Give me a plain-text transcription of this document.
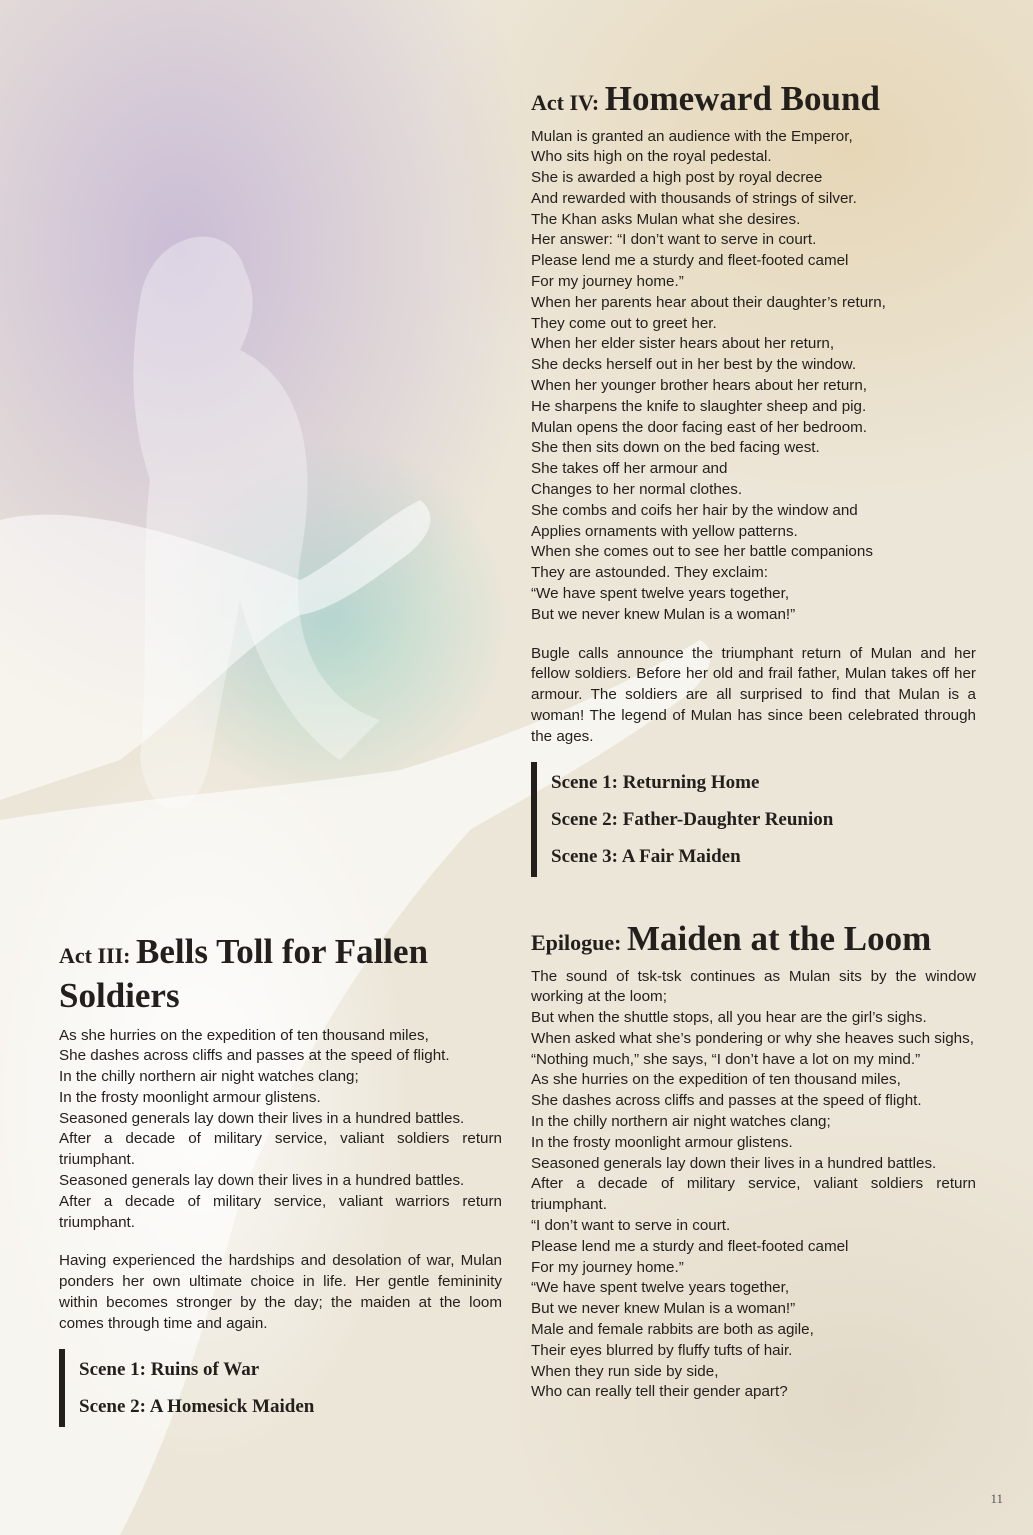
Act IV: Homeward Bound
Mulan is granted an audience with the Emperor,
Who sits high on the royal pedestal.
She is awarded a high post by royal decree
And rewarded with thousands of strings of silver.
The Khan asks Mulan what she desires.
Her answer: “I don’t want to serve in court.
Please lend me a sturdy and fleet-footed camel
For my journey home.”
When her parents hear about their daughter’s return,
They come out to greet her.
When her elder sister hears about her return,
She decks herself out in her best by the window.
When her younger brother hears about her return,
He sharpens the knife to slaughter sheep and pig.
Mulan opens the door facing east of her bedroom.
She then sits down on the bed facing west.
She takes off her armour and
Changes to her normal clothes.
She combs and coifs her hair by the window and
Applies ornaments with yellow patterns.
When she comes out to see her battle companions
They are astounded. They exclaim:
“We have spent twelve years together,
But we never knew Mulan is a woman!”

Bugle calls announce the triumphant return of Mulan and her fellow soldiers. Before her old and frail father, Mulan takes off her armour. The soldiers are all surprised to find that Mulan is a woman! The legend of Mulan has since been celebrated through the ages.

Scene 1: Returning Home
Scene 2: Father-Daughter Reunion
Scene 3: A Fair Maiden
Act III: Bells Toll for Fallen Soldiers
As she hurries on the expedition of ten thousand miles,
She dashes across cliffs and passes at the speed of flight.
In the chilly northern air night watches clang;
In the frosty moonlight armour glistens.
Seasoned generals lay down their lives in a hundred battles.
After a decade of military service, valiant soldiers return triumphant.
Seasoned generals lay down their lives in a hundred battles.
After a decade of military service, valiant warriors return triumphant.

Having experienced the hardships and desolation of war, Mulan ponders her own ultimate choice in life. Her gentle femininity within becomes stronger by the day; the maiden at the loom comes through time and again.

Scene 1: Ruins of War
Scene 2: A Homesick Maiden
Epilogue: Maiden at the Loom
The sound of tsk-tsk continues as Mulan sits by the window working at the loom;
But when the shuttle stops, all you hear are the girl’s sighs.
When asked what she’s pondering or why she heaves such sighs,
“Nothing much,” she says, “I don’t have a lot on my mind.”
As she hurries on the expedition of ten thousand miles,
She dashes across cliffs and passes at the speed of flight.
In the chilly northern air night watches clang;
In the frosty moonlight armour glistens.
Seasoned generals lay down their lives in a hundred battles.
After a decade of military service, valiant soldiers return triumphant.
“I don’t want to serve in court.
Please lend me a sturdy and fleet-footed camel
For my journey home.”
“We have spent twelve years together,
But we never knew Mulan is a woman!”
Male and female rabbits are both as agile,
Their eyes blurred by fluffy tufts of hair.
When they run side by side,
Who can really tell their gender apart?
11
